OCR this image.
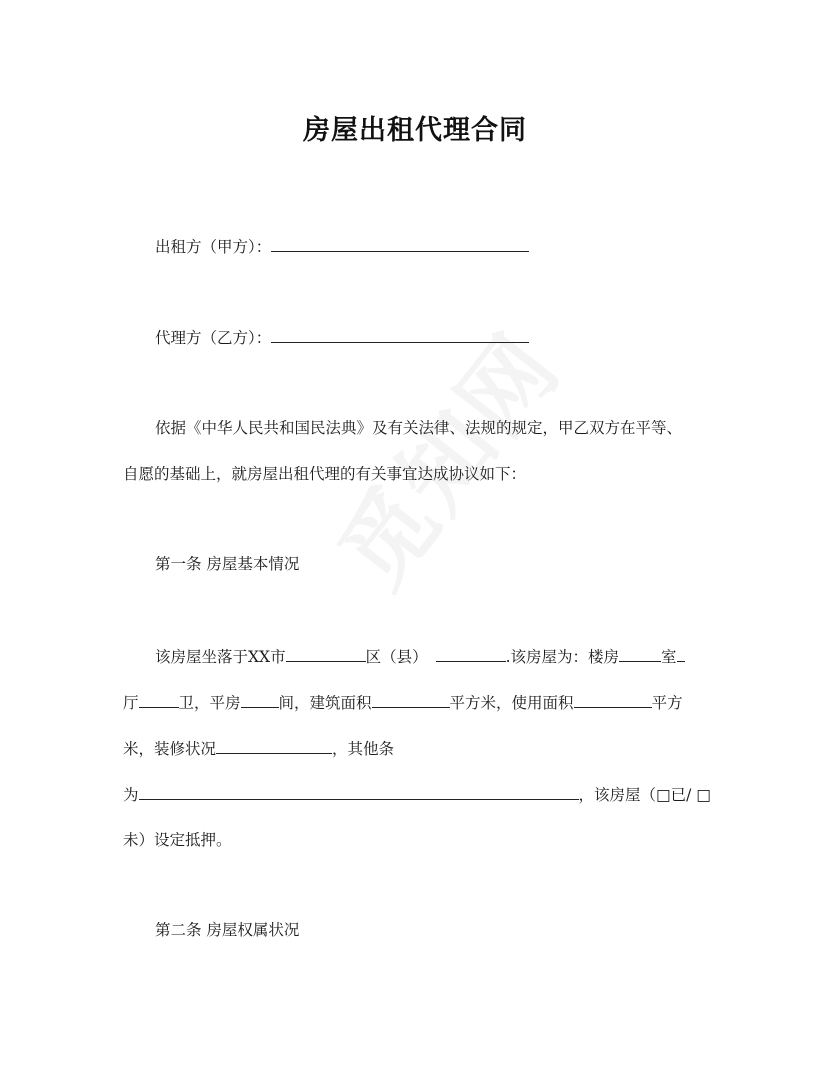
房屋出租代理合同
出租方（甲方）：
代理方（乙方）：
依据《中华人民共和国民法典》及有关法律、法规的规定，甲乙双方在平等、
自愿的基础上，就房屋出租代理的有关事宜达成协议如下：
第一条 房屋基本情况
该房屋坐落于XX市	区（县）	.该房屋为：楼房	室
厅	卫，平房 间，建筑面积	平方米，使用面积	平方
米，装修状况	，其他条
为	，该房屋（□已/ □
未）设定抵押。
第二条 房屋权属状况
